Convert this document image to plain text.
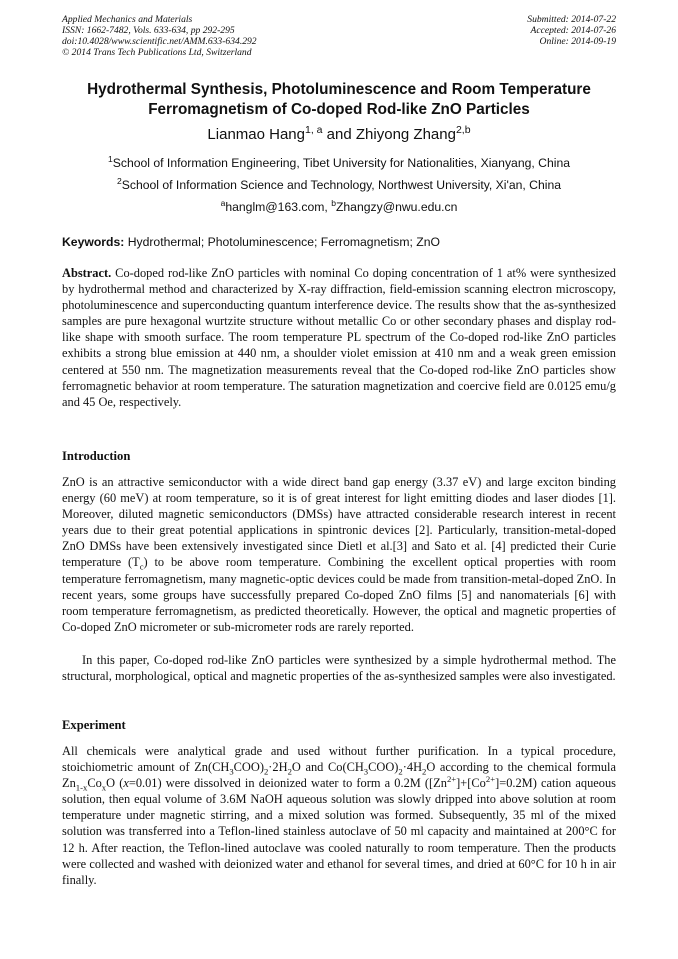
Applied Mechanics and Materials
ISSN: 1662-7482, Vols. 633-634, pp 292-295
doi:10.4028/www.scientific.net/AMM.633-634.292
© 2014 Trans Tech Publications Ltd, Switzerland
Submitted: 2014-07-22
Accepted: 2014-07-26
Online: 2014-09-19
Hydrothermal Synthesis, Photoluminescence and Room Temperature
Ferromagnetism of Co-doped Rod-like ZnO Particles
Lianmao Hang$^{1, a}$ and Zhiyong Zhang$^{2,b}$
$^1$School of Information Engineering, Tibet University for Nationalities, Xianyang, China
$^2$School of Information Science and Technology, Northwest University, Xi'an, China
$^a$hanglm@163.com, $^b$Zhangzy@nwu.edu.cn
Keywords: Hydrothermal; Photoluminescence; Ferromagnetism; ZnO
Abstract. Co-doped rod-like ZnO particles with nominal Co doping concentration of 1 at% were synthesized by hydrothermal method and characterized by X-ray diffraction, field-emission scanning electron microscopy, photoluminescence and superconducting quantum interference device. The results show that the as-synthesized samples are pure hexagonal wurtzite structure without metallic Co or other secondary phases and display rod-like shape with smooth surface. The room temperature PL spectrum of the Co-doped rod-like ZnO particles exhibits a strong blue emission at 440 nm, a shoulder violet emission at 410 nm and a weak green emission centered at 550 nm. The magnetization measurements reveal that the Co-doped rod-like ZnO particles show ferromagnetic behavior at room temperature. The saturation magnetization and coercive field are 0.0125 emu/g and 45 Oe, respectively.
Introduction
ZnO is an attractive semiconductor with a wide direct band gap energy (3.37 eV) and large exciton binding energy (60 meV) at room temperature, so it is of great interest for light emitting diodes and laser diodes [1]. Moreover, diluted magnetic semiconductors (DMSs) have attracted considerable research interest in recent years due to their great potential applications in spintronic devices [2]. Particularly, transition-metal-doped ZnO DMSs have been extensively investigated since Dietl et al.[3] and Sato et al. [4] predicted their Curie temperature $(T_c)$ to be above room temperature. Combining the excellent optical properties with room temperature ferromagnetism, many magnetic-optic devices could be made from transition-metal-doped ZnO. In recent years, some groups have successfully prepared Co-doped ZnO films [5] and nanomaterials [6] with room temperature ferromagnetism, as predicted theoretically. However, the optical and magnetic properties of Co-doped ZnO micrometer or sub-micrometer rods are rarely reported.
In this paper, Co-doped rod-like ZnO particles were synthesized by a simple hydrothermal method. The structural, morphological, optical and magnetic properties of the as-synthesized samples were also investigated.
Experiment
All chemicals were analytical grade and used without further purification. In a typical procedure, stoichiometric amount of $Zn(CH_3COO)_2\cdot 2H_2O$ and $Co(CH_3COO)_2\cdot 4H_2O$ according to the chemical formula $Zn_{1-x}Co_xO$ (x=0.01) were dissolved in deionized water to form a 0.2M $([Zn^{2+}]+[Co^{2+}]=0.2M)$ cation aqueous solution, then equal volume of 3.6M NaOH aqueous solution was slowly dripped into above solution at room temperature under magnetic stirring, and a mixed solution was formed. Subsequently, 35 ml of the mixed solution was transferred into a Teflon-lined stainless autoclave of 50 ml capacity and maintained at 200°C for 12 h. After reaction, the Teflon-lined autoclave was cooled naturally to room temperature. Then the products were collected and washed with deionized water and ethanol for several times, and dried at 60°C for 10 h in air finally.
